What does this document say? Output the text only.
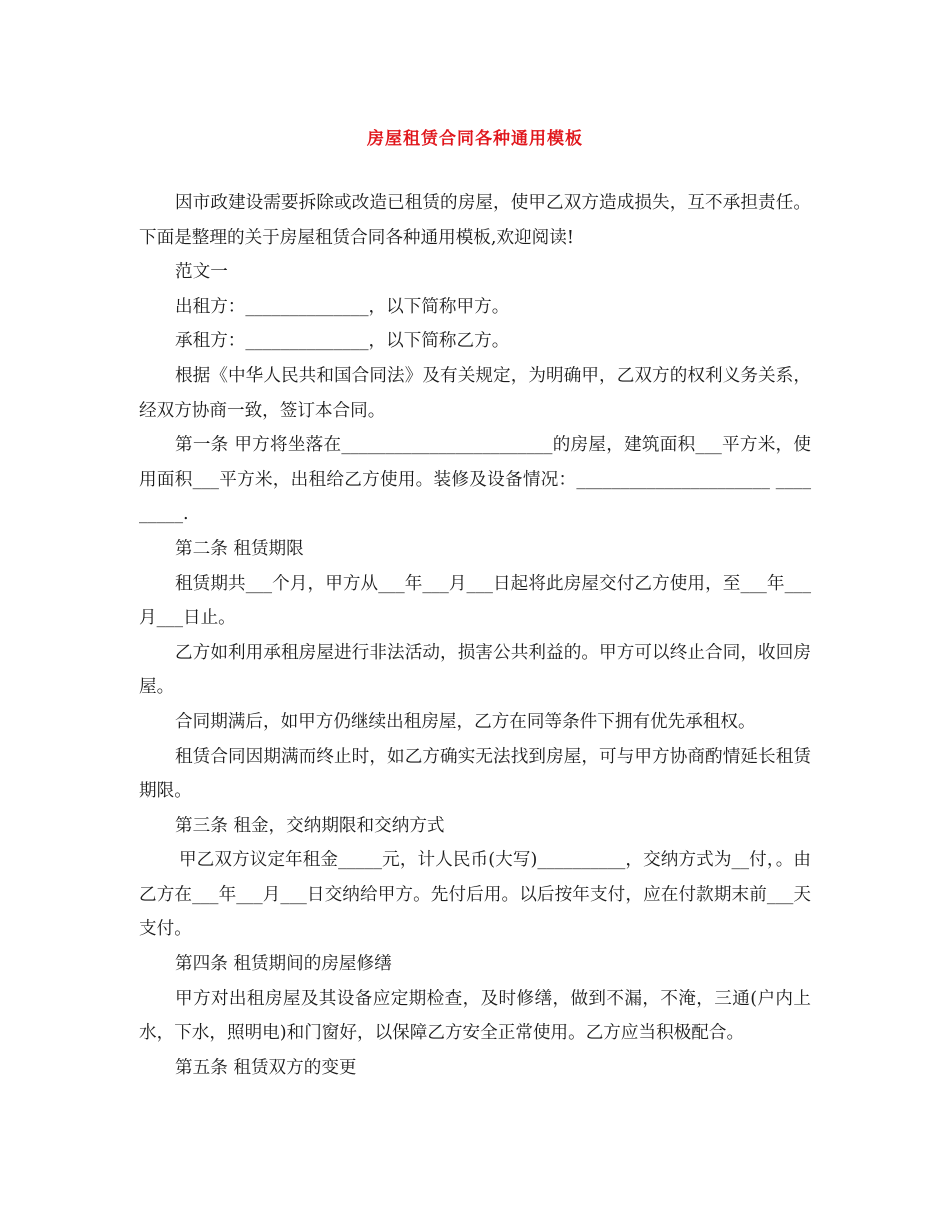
房屋租赁合同各种通用模板

因市政建设需要拆除或改造已租赁的房屋，使甲乙双方造成损失，互不承担责任。下面是整理的关于房屋租赁合同各种通用模板,欢迎阅读!

范文一

出租方：______________，以下简称甲方。

承租方：______________，以下简称乙方。

根据《中华人民共和国合同法》及有关规定，为明确甲，乙双方的权利义务关系，经双方协商一致，签订本合同。

第一条 甲方将坐落在________________________的房屋，建筑面积___平方米，使用面积___平方米，出租给乙方使用。装修及设备情况：______________________ _________.

第二条 租赁期限

租赁期共___个月，甲方从___年___月___日起将此房屋交付乙方使用，至___年___月___日止。

乙方如利用承租房屋进行非法活动，损害公共利益的。甲方可以终止合同，收回房屋。

合同期满后，如甲方仍继续出租房屋，乙方在同等条件下拥有优先承租权。

租赁合同因期满而终止时，如乙方确实无法找到房屋，可与甲方协商酌情延长租赁期限。

第三条 租金，交纳期限和交纳方式

甲乙双方议定年租金_____元，计人民币(大写)__________，交纳方式为__付，。由乙方在___年___月___日交纳给甲方。先付后用。以后按年支付，应在付款期末前___天支付。

第四条 租赁期间的房屋修缮

甲方对出租房屋及其设备应定期检查，及时修缮，做到不漏，不淹，三通(户内上水，下水，照明电)和门窗好，以保障乙方安全正常使用。乙方应当积极配合。

第五条 租赁双方的变更
